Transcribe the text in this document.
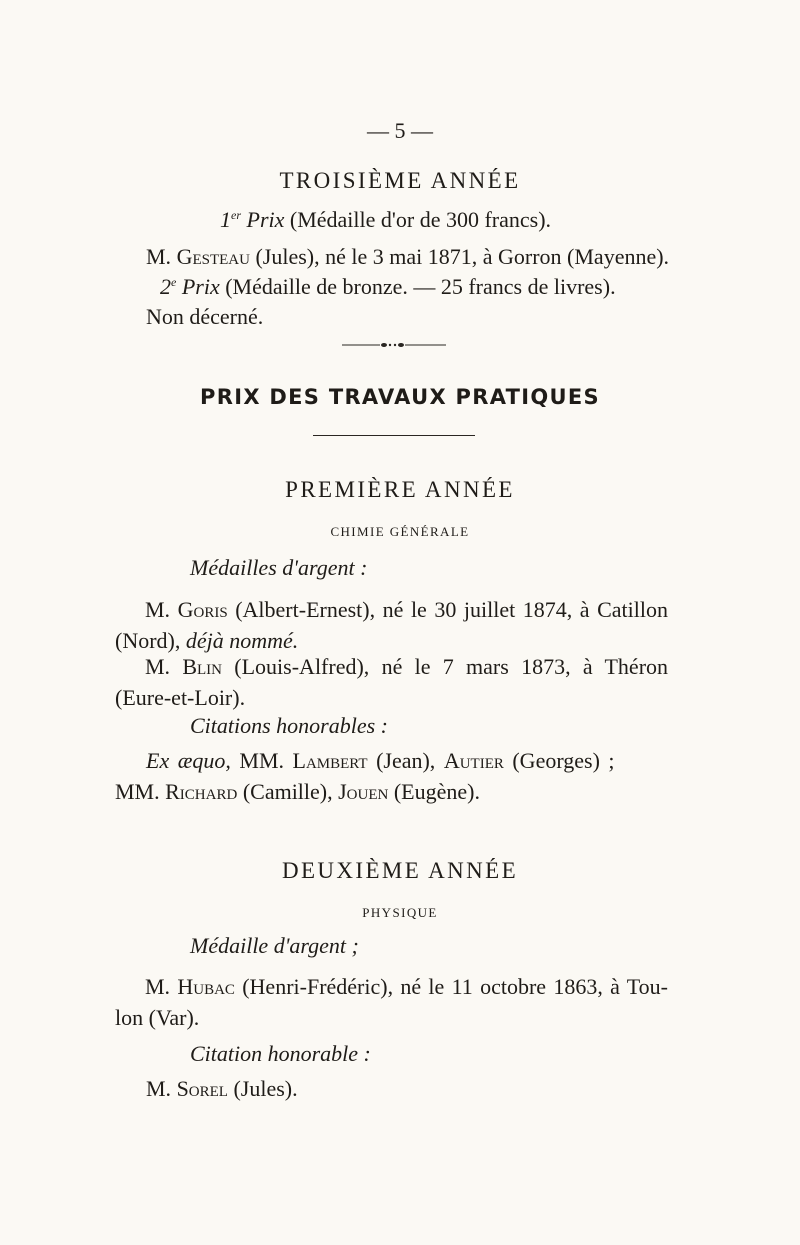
— 5 —
TROISIÈME ANNÉE
1er Prix (Médaille d'or de 300 francs).
M. Gesteau (Jules), né le 3 mai 1871, à Gorron (Mayenne).
2e Prix (Médaille de bronze. — 25 francs de livres).
Non décerné.
PRIX DES TRAVAUX PRATIQUES
PREMIÈRE ANNÉE
CHIMIE GÉNÉRALE
Médailles d'argent :
M. Goris (Albert-Ernest), né le 30 juillet 1874, à Catillon
(Nord), déjà nommé.
M. Blin (Louis-Alfred), né le 7 mars 1873, à Théron
(Eure-et-Loir).
Citations honorables :
Ex æquo, MM. Lambert (Jean), Autier (Georges) ;
MM. Richard (Camille), Jouen (Eugène).
DEUXIÈME ANNÉE
PHYSIQUE
Médaille d'argent ;
M. Hubac (Henri-Frédéric), né le 11 octobre 1863, à Tou-
lon (Var).
Citation honorable :
M. Sorel (Jules).
